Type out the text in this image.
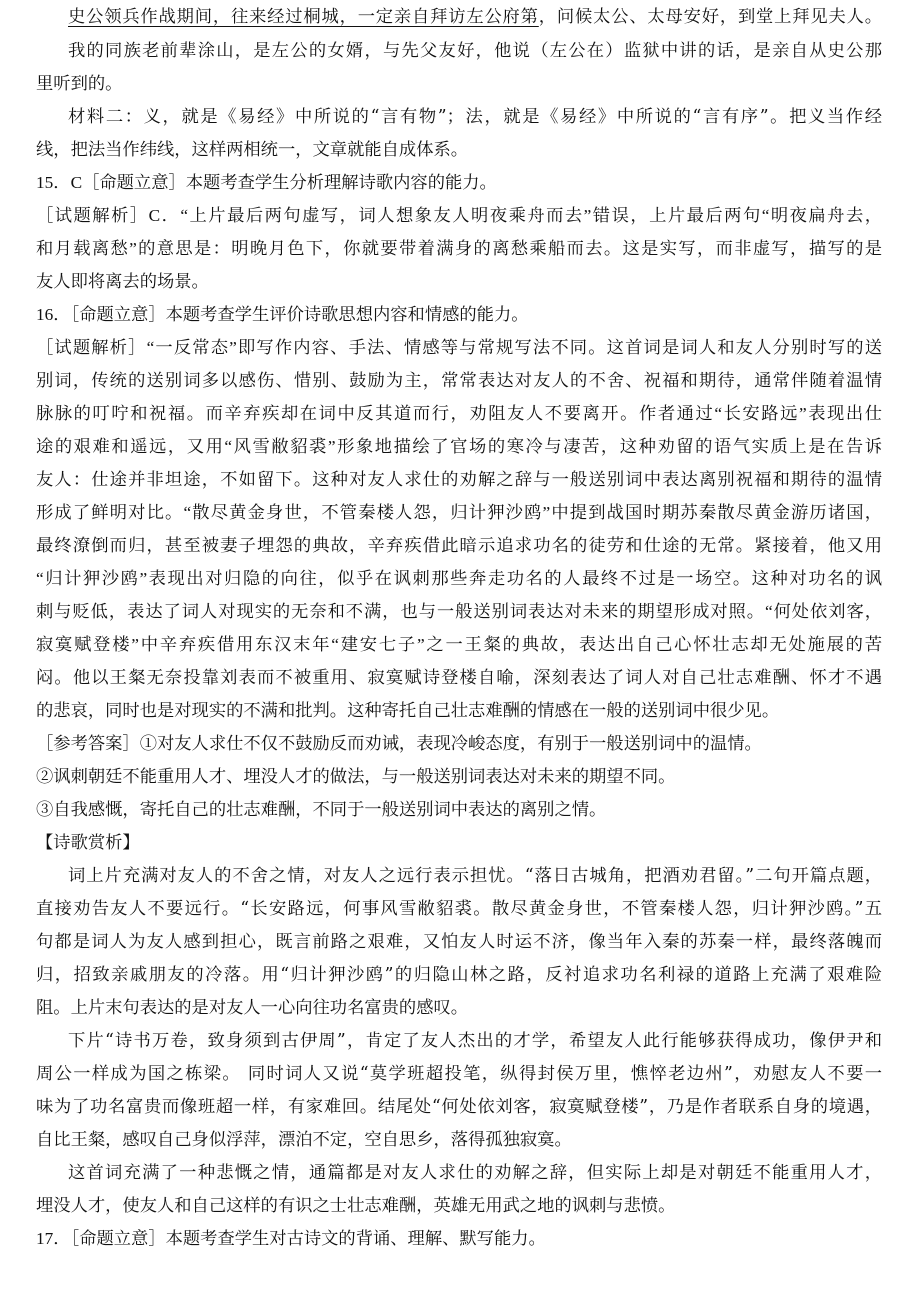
史公领兵作战期间，往来经过桐城，一定亲自拜访左公府第，问候太公、太母安好，到堂上拜见夫人。
我的同族老前辈涂山，是左公的女婿，与先父友好，他说（左公在）监狱中讲的话，是亲自从史公那
里听到的。
材料二：义，就是《易经》中所说的“言有物”；法，就是《易经》中所说的“言有序”。把义当作经
线，把法当作纬线，这样两相统一，文章就能自成体系。
15．C［命题立意］本题考查学生分析理解诗歌内容的能力。
［试题解析］C．“上片最后两句虚写，词人想象友人明夜乘舟而去”错误，上片最后两句“明夜扁舟去，
和月载离愁”的意思是：明晚月色下，你就要带着满身的离愁乘船而去。这是实写，而非虚写，描写的是
友人即将离去的场景。
16．［命题立意］本题考查学生评价诗歌思想内容和情感的能力。
［试题解析］“一反常态”即写作内容、手法、情感等与常规写法不同。这首词是词人和友人分别时写的送
别词，传统的送别词多以感伤、惜别、鼓励为主，常常表达对友人的不舍、祝福和期待，通常伴随着温情
脉脉的叮咛和祝福。而辛弃疾却在词中反其道而行，劝阻友人不要离开。作者通过“长安路远”表现出仕
途的艰难和遥远，又用“风雪敝貂裘”形象地描绘了官场的寒冷与凄苦，这种劝留的语气实质上是在告诉
友人：仕途并非坦途，不如留下。这种对友人求仕的劝解之辞与一般送别词中表达离别祝福和期待的温情
形成了鲜明对比。“散尽黄金身世，不管秦楼人怨，归计狎沙鸥”中提到战国时期苏秦散尽黄金游历诸国，
最终潦倒而归，甚至被妻子埋怨的典故，辛弃疾借此暗示追求功名的徒劳和仕途的无常。紧接着，他又用
“归计狎沙鸥”表现出对归隐的向往，似乎在讽刺那些奔走功名的人最终不过是一场空。这种对功名的讽
刺与贬低，表达了词人对现实的无奈和不满，也与一般送别词表达对未来的期望形成对照。“何处依刘客，
寂寞赋登楼”中辛弃疾借用东汉末年“建安七子”之一王粲的典故，表达出自己心怀壮志却无处施展的苦
闷。他以王粲无奈投靠刘表而不被重用、寂寞赋诗登楼自喻，深刻表达了词人对自己壮志难酬、怀才不遇
的悲哀，同时也是对现实的不满和批判。这种寄托自己壮志难酬的情感在一般的送别词中很少见。
［参考答案］①对友人求仕不仅不鼓励反而劝诫，表现冷峻态度，有别于一般送别词中的温情。
②讽刺朝廷不能重用人才、埋没人才的做法，与一般送别词表达对未来的期望不同。
③自我感慨，寄托自己的壮志难酬，不同于一般送别词中表达的离别之情。
【诗歌赏析】
词上片充满对友人的不舍之情，对友人之远行表示担忧。“落日古城角，把酒劝君留。”二句开篇点题，
直接劝告友人不要远行。“长安路远，何事风雪敝貂裘。散尽黄金身世，不管秦楼人怨，归计狎沙鸥。”五
句都是词人为友人感到担心，既言前路之艰难，又怕友人时运不济，像当年入秦的苏秦一样，最终落魄而
归，招致亲戚朋友的冷落。用“归计狎沙鸥”的归隐山林之路，反衬追求功名利禄的道路上充满了艰难险
阻。上片末句表达的是对友人一心向往功名富贵的感叹。
下片“诗书万卷，致身须到古伊周”，肯定了友人杰出的才学，希望友人此行能够获得成功，像伊尹和
周公一样成为国之栋梁。 同时词人又说“莫学班超投笔，纵得封侯万里，憔悴老边州”，劝慰友人不要一
味为了功名富贵而像班超一样，有家难回。结尾处“何处依刘客，寂寞赋登楼”，乃是作者联系自身的境遇，
自比王粲，感叹自己身似浮萍，漂泊不定，空自思乡，落得孤独寂寞。
这首词充满了一种悲慨之情，通篇都是对友人求仕的劝解之辞，但实际上却是对朝廷不能重用人才，
埋没人才，使友人和自己这样的有识之士壮志难酬，英雄无用武之地的讽刺与悲愤。
17．［命题立意］本题考查学生对古诗文的背诵、理解、默写能力。
